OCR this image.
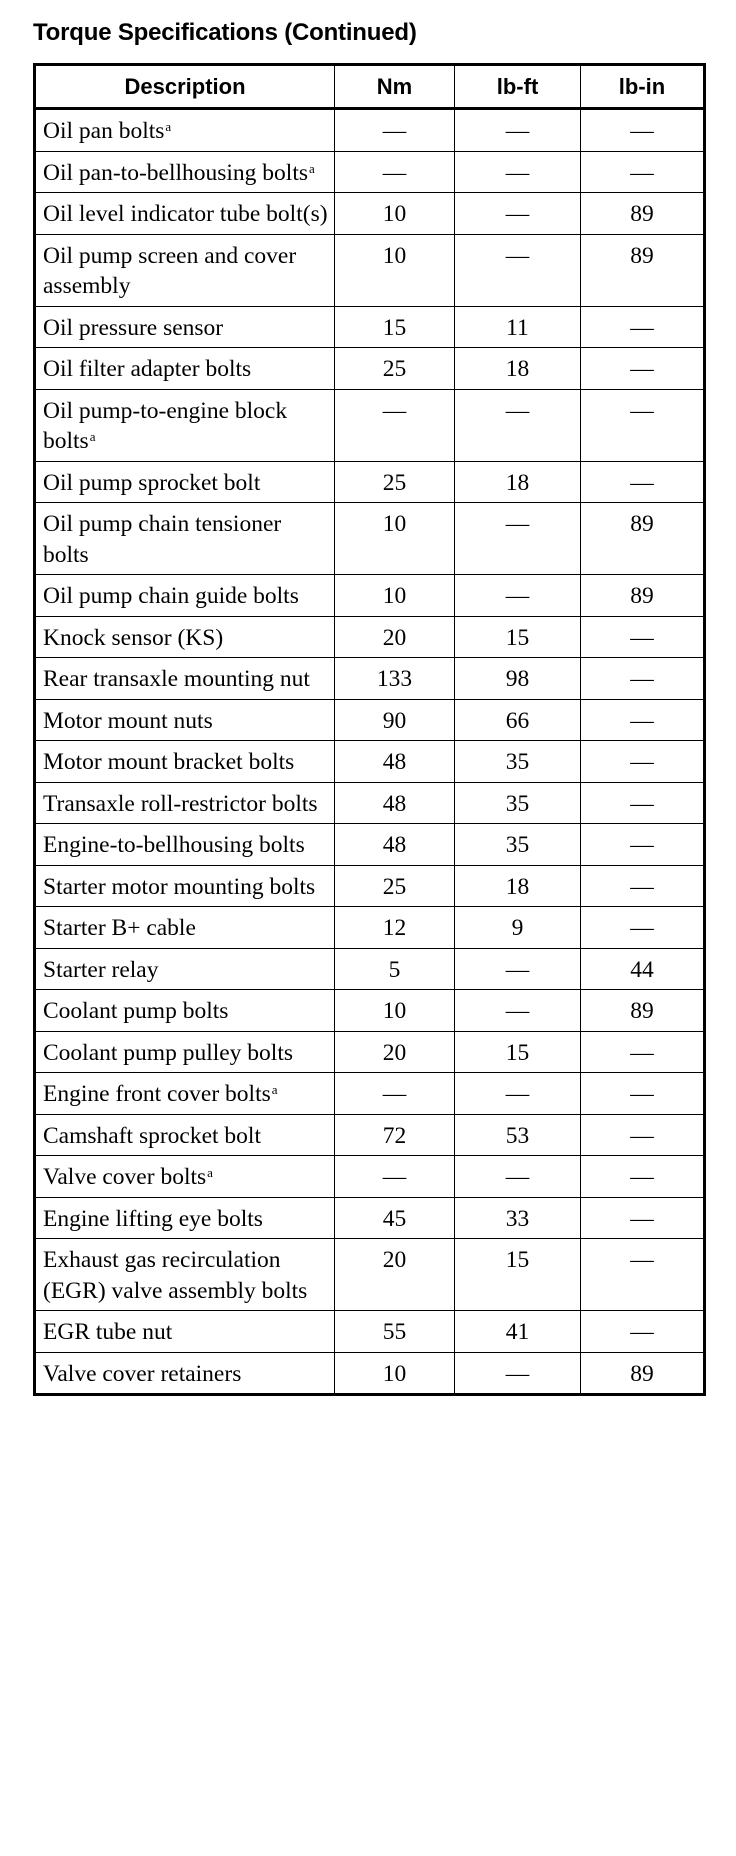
Torque Specifications (Continued)
Description	Nm	lb-ft	lb-in
Oil pan bolts$^a$	—	—	—
Oil pan-to-bellhousing bolts$^a$	—	—	—
Oil level indicator tube bolt(s)	10	—	89
Oil pump screen and cover assembly	10	—	89
Oil pressure sensor	15	11	—
Oil filter adapter bolts	25	18	—
Oil pump-to-engine block bolts$^a$	—	—	—
Oil pump sprocket bolt	25	18	—
Oil pump chain tensioner bolts	10	—	89
Oil pump chain guide bolts	10	—	89
Knock sensor (KS)	20	15	—
Rear transaxle mounting nut	133	98	—
Motor mount nuts	90	66	—
Motor mount bracket bolts	48	35	—
Transaxle roll-restrictor bolts	48	35	—
Engine-to-bellhousing bolts	48	35	—
Starter motor mounting bolts	25	18	—
Starter B+ cable	12	9	—
Starter relay	5	—	44
Coolant pump bolts	10	—	89
Coolant pump pulley bolts	20	15	—
Engine front cover bolts$^a$	—	—	—
Camshaft sprocket bolt	72	53	—
Valve cover bolts$^a$	—	—	—
Engine lifting eye bolts	45	33	—
Exhaust gas recirculation (EGR) valve assembly bolts	20	15	—
EGR tube nut	55	41	—
Valve cover retainers	10	—	89
